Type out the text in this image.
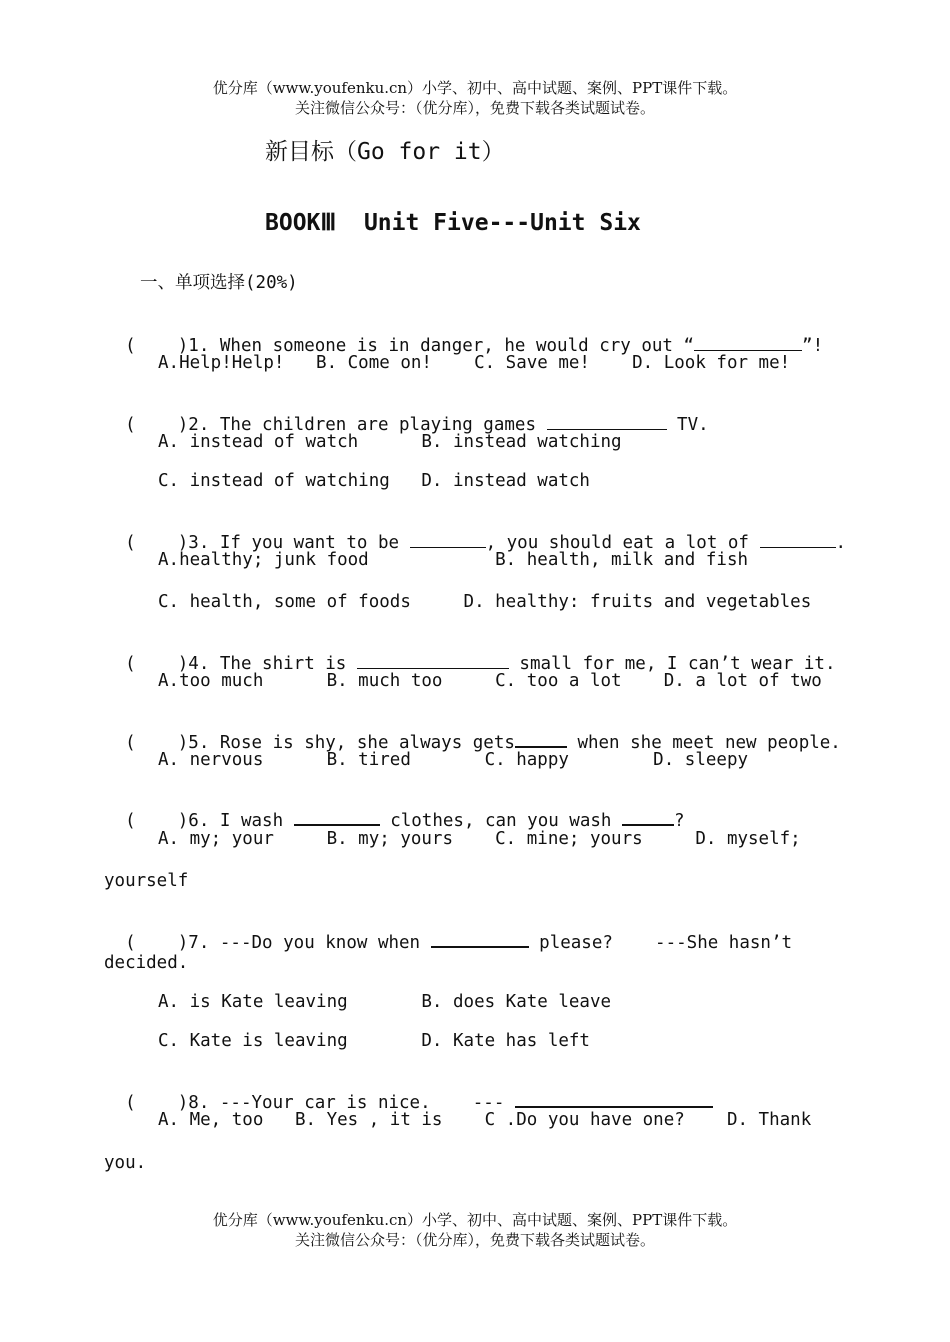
优分库（www.youfenku.cn）小学、初中、高中试题、案例、PPT课件下载。
关注微信公众号：（优分库），免费下载各类试题试卷。
新目标（Go for it）
BOOKⅢ  Unit Five---Unit Six
一、单项选择(20%)

(    )1. When someone is in danger, he would cry out “	”!

A.Help!Help!   B. Come on!    C. Save me!    D. Look for me!

(    )2. The children are playing games	TV.

A. instead of watch      B. instead watching
C. instead of watching   D. instead watch

(    )3. If you want to be	, you should eat a lot of	.

A.healthy; junk food            B. health, milk and fish
C. health, some of foods     D. healthy: fruits and vegetables

(    )4. The shirt is	small for me, I can’t wear it.

A.too much      B. much too     C. too a lot    D. a lot of two

(    )5. Rose is shy, she always gets	when she meet new people.

A. nervous      B. tired       C. happy        D. sleepy

(    )6. I wash	clothes, can you wash	?

A. my; your     B. my; yours    C. mine; yours     D. myself;
yourself

(    )7. ---Do you know when	please?    ---She hasn’t

decided.
A. is Kate leaving       B. does Kate leave
C. Kate is leaving       D. Kate has left

(    )8. ---Your car is nice.    ---

A. Me, too   B. Yes , it is    C .Do you have one?    D. Thank
you.
优分库（www.youfenku.cn）小学、初中、高中试题、案例、PPT课件下载。
关注微信公众号：（优分库），免费下载各类试题试卷。
